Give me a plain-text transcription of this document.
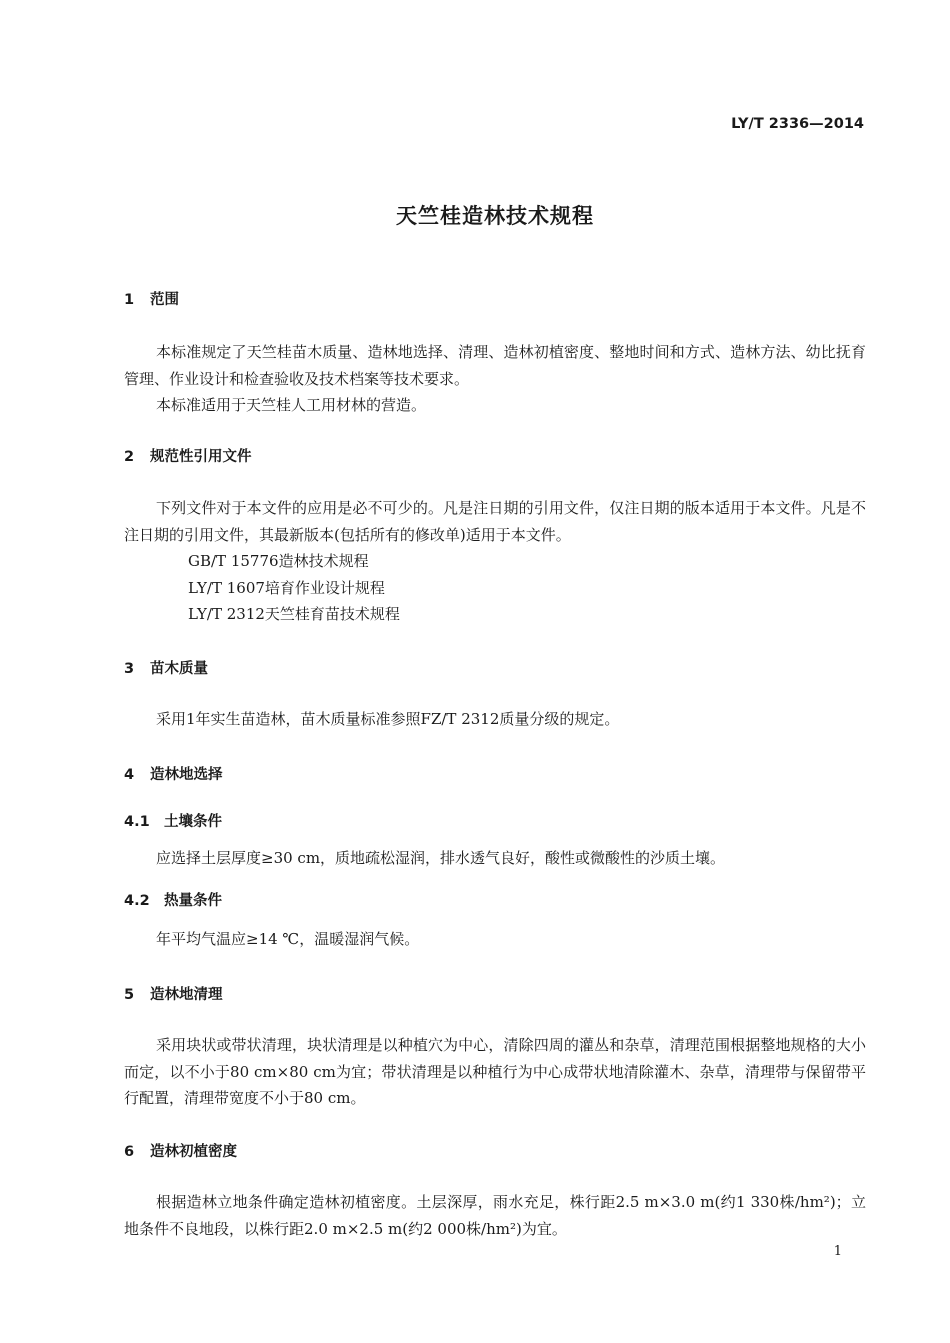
LY/T 2336—2014
天竺桂造林技术规程
1 范围

本标准规定了天竺桂苗木质量、造林地选择、清理、造林初植密度、整地时间和方式、造林方法、幼比抚育管理、作业设计和检查验收及技术档案等技术要求。

本标准适用于天竺桂人工用材林的营造。

2 规范性引用文件

下列文件对于本文件的应用是必不可少的。凡是注日期的引用文件，仅注日期的版本适用于本文件。凡是不注日期的引用文件，其最新版本(包括所有的修改单)适用于本文件。

GB/T 15776造林技术规程

LY/T 1607培育作业设计规程

LY/T 2312天竺桂育苗技术规程

3 苗木质量

采用1年实生苗造林，苗木质量标准参照FZ/T 2312质量分级的规定。

4 造林地选择
4.1 土壤条件

应选择土层厚度≥30 cm，质地疏松湿润，排水透气良好，酸性或微酸性的沙质土壤。

4.2 热量条件

年平均气温应≥14 ℃，温暖湿润气候。

5 造林地清理

采用块状或带状清理，块状清理是以种植穴为中心，清除四周的灌丛和杂草，清理范围根据整地规格的大小而定，以不小于80 cm×80 cm为宜；带状清理是以种植行为中心成带状地清除灌木、杂草，清理带与保留带平行配置，清理带宽度不小于80 cm。

6 造林初植密度

根据造林立地条件确定造林初植密度。土层深厚，雨水充足，株行距2.5 m×3.0 m(约1 330株/hm²)；立地条件不良地段，以株行距2.0 m×2.5 m(约2 000株/hm²)为宜。

1
